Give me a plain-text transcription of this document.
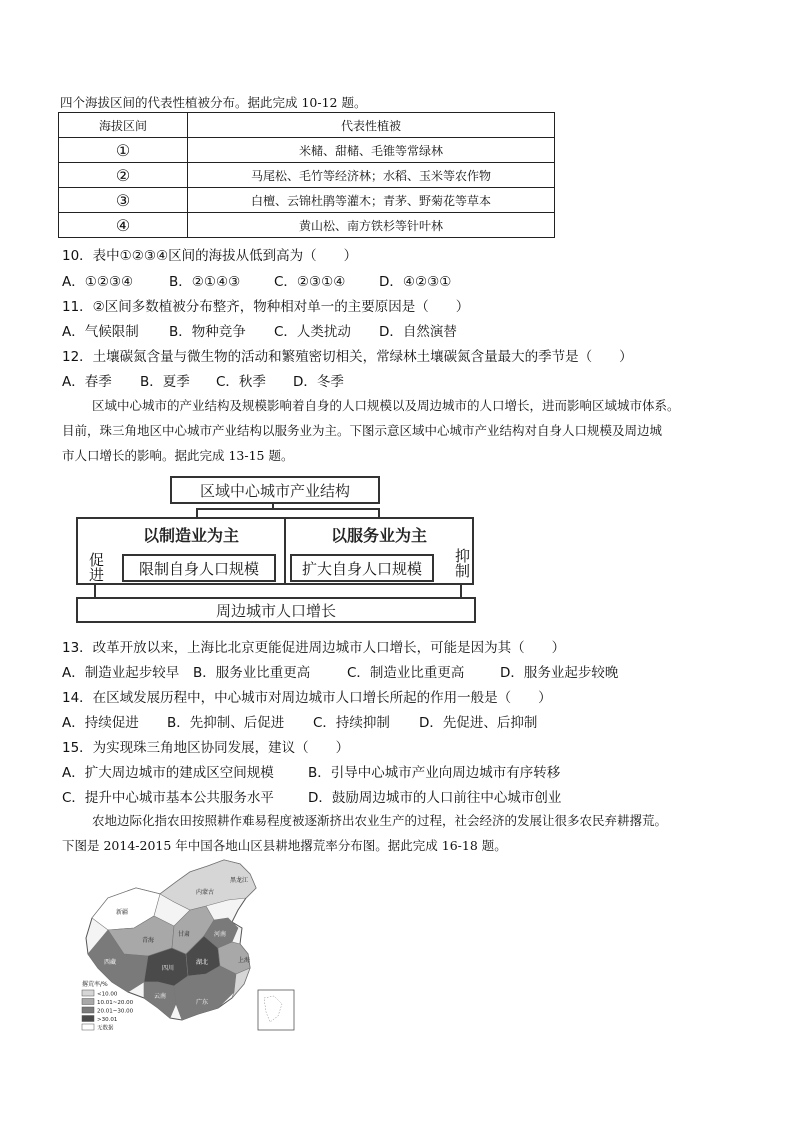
四个海拔区间的代表性植被分布。据此完成 10-12 题。
海拔区间	代表性植被
①	米槠、甜槠、毛锥等常绿林
②	马尾松、毛竹等经济林；水稻、玉米等农作物
③	白檀、云锦杜鹃等灌木；青茅、野菊花等草本
④	黄山松、南方铁杉等针叶林
10．表中①②③④区间的海拔从低到高为（　　）
A．①②③④	B．②①④③	C．②③①④ D．④②③①
11．②区间多数植被分布整齐，物种相对单一的主要原因是（　　）
A．气候限制 B．物种竞争 C．人类扰动 D．自然演替
12．土壤碳氮含量与微生物的活动和繁殖密切相关，常绿林土壤碳氮含量最大的季节是（　　）
A．春季 B．夏季 C．秋季 D．冬季
区域中心城市的产业结构及规模影响着自身的人口规模以及周边城市的人口增长，进而影响区域城市体系。
目前，珠三角地区中心城市产业结构以服务业为主。下图示意区域中心城市产业结构对自身人口规模及周边城
市人口增长的影响。据此完成 13-15 题。
区域中心城市产业结构
以制造业为主	以服务业为主
限制自身人口规模	扩大自身人口规模
促进	抑制
周边城市人口增长
13．改革开放以来，上海比北京更能促进周边城市人口增长，可能是因为其（　　）
A．制造业起步较早 B．服务业比重更高	C．制造业比重更高	D．服务业起步较晚
14．在区域发展历程中，中心城市对周边城市人口增长所起的作用一般是（　　）
A．持续促进 B．先抑制、后促进 C．持续抑制 D．先促进、后抑制
15．为实现珠三角地区协同发展，建议（　　）
A．扩大周边城市的建成区空间规模	B．引导中心城市产业向周边城市有序转移
C．提升中心城市基本公共服务水平	D．鼓励周边城市的人口前往中心城市创业
农地边际化指农田按照耕作难易程度被逐渐挤出农业生产的过程，社会经济的发展让很多农民弃耕撂荒。
下图是 2014-2015 年中国各地山区县耕地撂荒率分布图。据此完成 16-18 题。
黑龙江
新疆
青海
西藏
四川
云南
甘肃
内蒙古
河南
湖北	上海
广东
撂荒率/%
<10.00
10.01~20.00
20.01~30.00
>30.01
无数据
